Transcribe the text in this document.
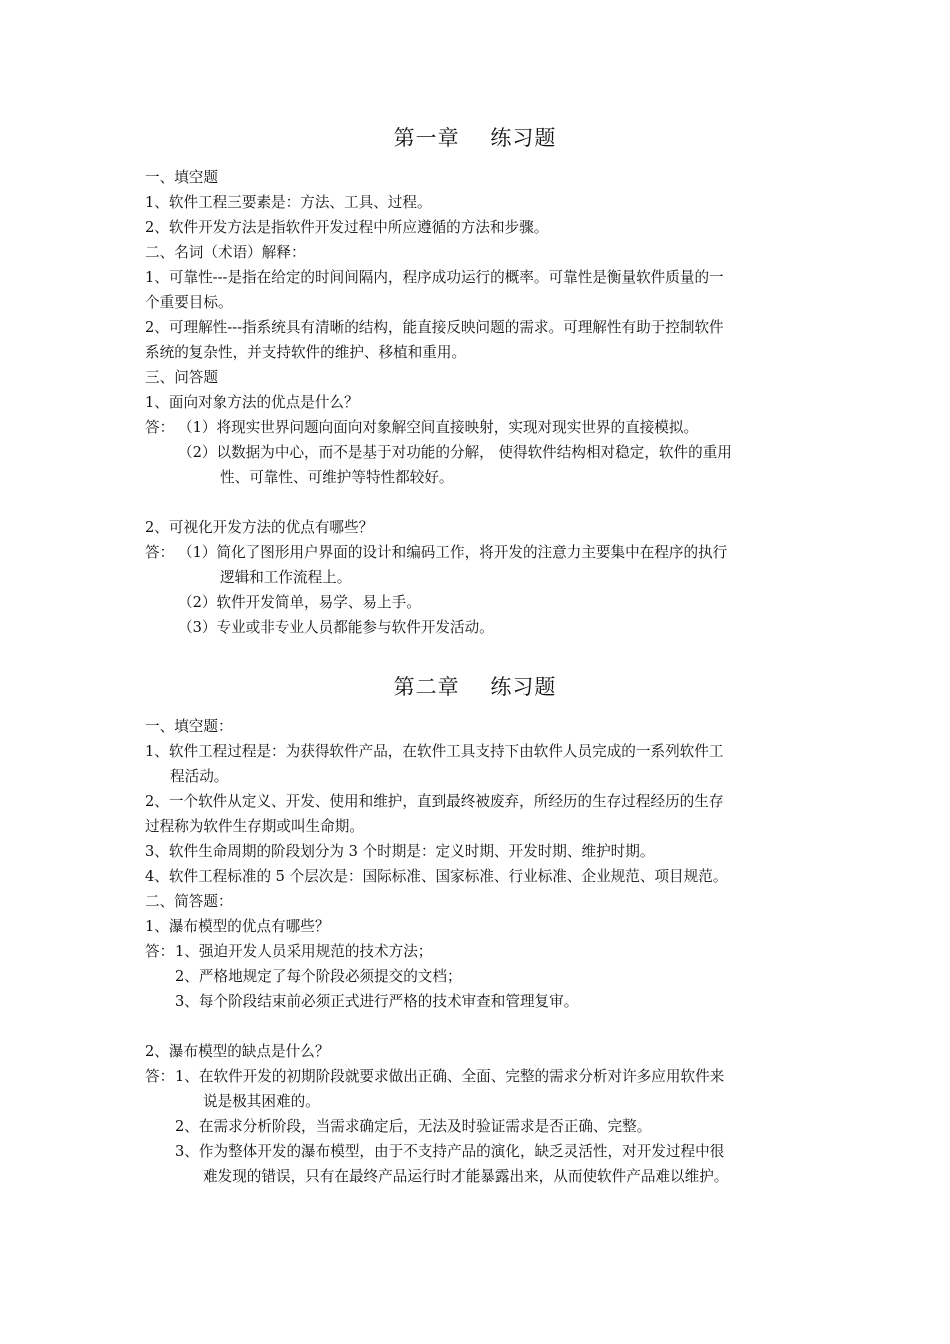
第一章    练习题
一、填空题
1、软件工程三要素是：方法、工具、过程。
2、软件开发方法是指软件开发过程中所应遵循的方法和步骤。
二、名词（术语）解释：
1、可靠性---是指在给定的时间间隔内，程序成功运行的概率。可靠性是衡量软件质量的一
个重要目标。
2、可理解性---指系统具有清晰的结构，能直接反映问题的需求。可理解性有助于控制软件
系统的复杂性，并支持软件的维护、移植和重用。
三、问答题
1、面向对象方法的优点是什么？
答： （1）将现实世界问题向面向对象解空间直接映射，实现对现实世界的直接模拟。
（2）以数据为中心，而不是基于对功能的分解， 使得软件结构相对稳定，软件的重用
性、可靠性、可维护等特性都较好。
2、可视化开发方法的优点有哪些？
答： （1）简化了图形用户界面的设计和编码工作，将开发的注意力主要集中在程序的执行
逻辑和工作流程上。
（2）软件开发简单，易学、易上手。
（3）专业或非专业人员都能参与软件开发活动。
第二章    练习题
一、填空题：
1、软件工程过程是：为获得软件产品，在软件工具支持下由软件人员完成的一系列软件工
程活动。
2、一个软件从定义、开发、使用和维护，直到最终被废弃，所经历的生存过程经历的生存
过程称为软件生存期或叫生命期。
3、软件生命周期的阶段划分为 3 个时期是：定义时期、开发时期、维护时期。
4、软件工程标准的 5 个层次是：国际标准、国家标准、行业标准、企业规范、项目规范。
二、简答题：
1、瀑布模型的优点有哪些？
答： 1、强迫开发人员采用规范的技术方法；
2、严格地规定了每个阶段必须提交的文档；
3、每个阶段结束前必须正式进行严格的技术审查和管理复审。
2、瀑布模型的缺点是什么？
答： 1、在软件开发的初期阶段就要求做出正确、全面、完整的需求分析对许多应用软件来
说是极其困难的。
2、在需求分析阶段，当需求确定后，无法及时验证需求是否正确、完整。
3、作为整体开发的瀑布模型，由于不支持产品的演化，缺乏灵活性，对开发过程中很
难发现的错误，只有在最终产品运行时才能暴露出来，从而使软件产品难以维护。
